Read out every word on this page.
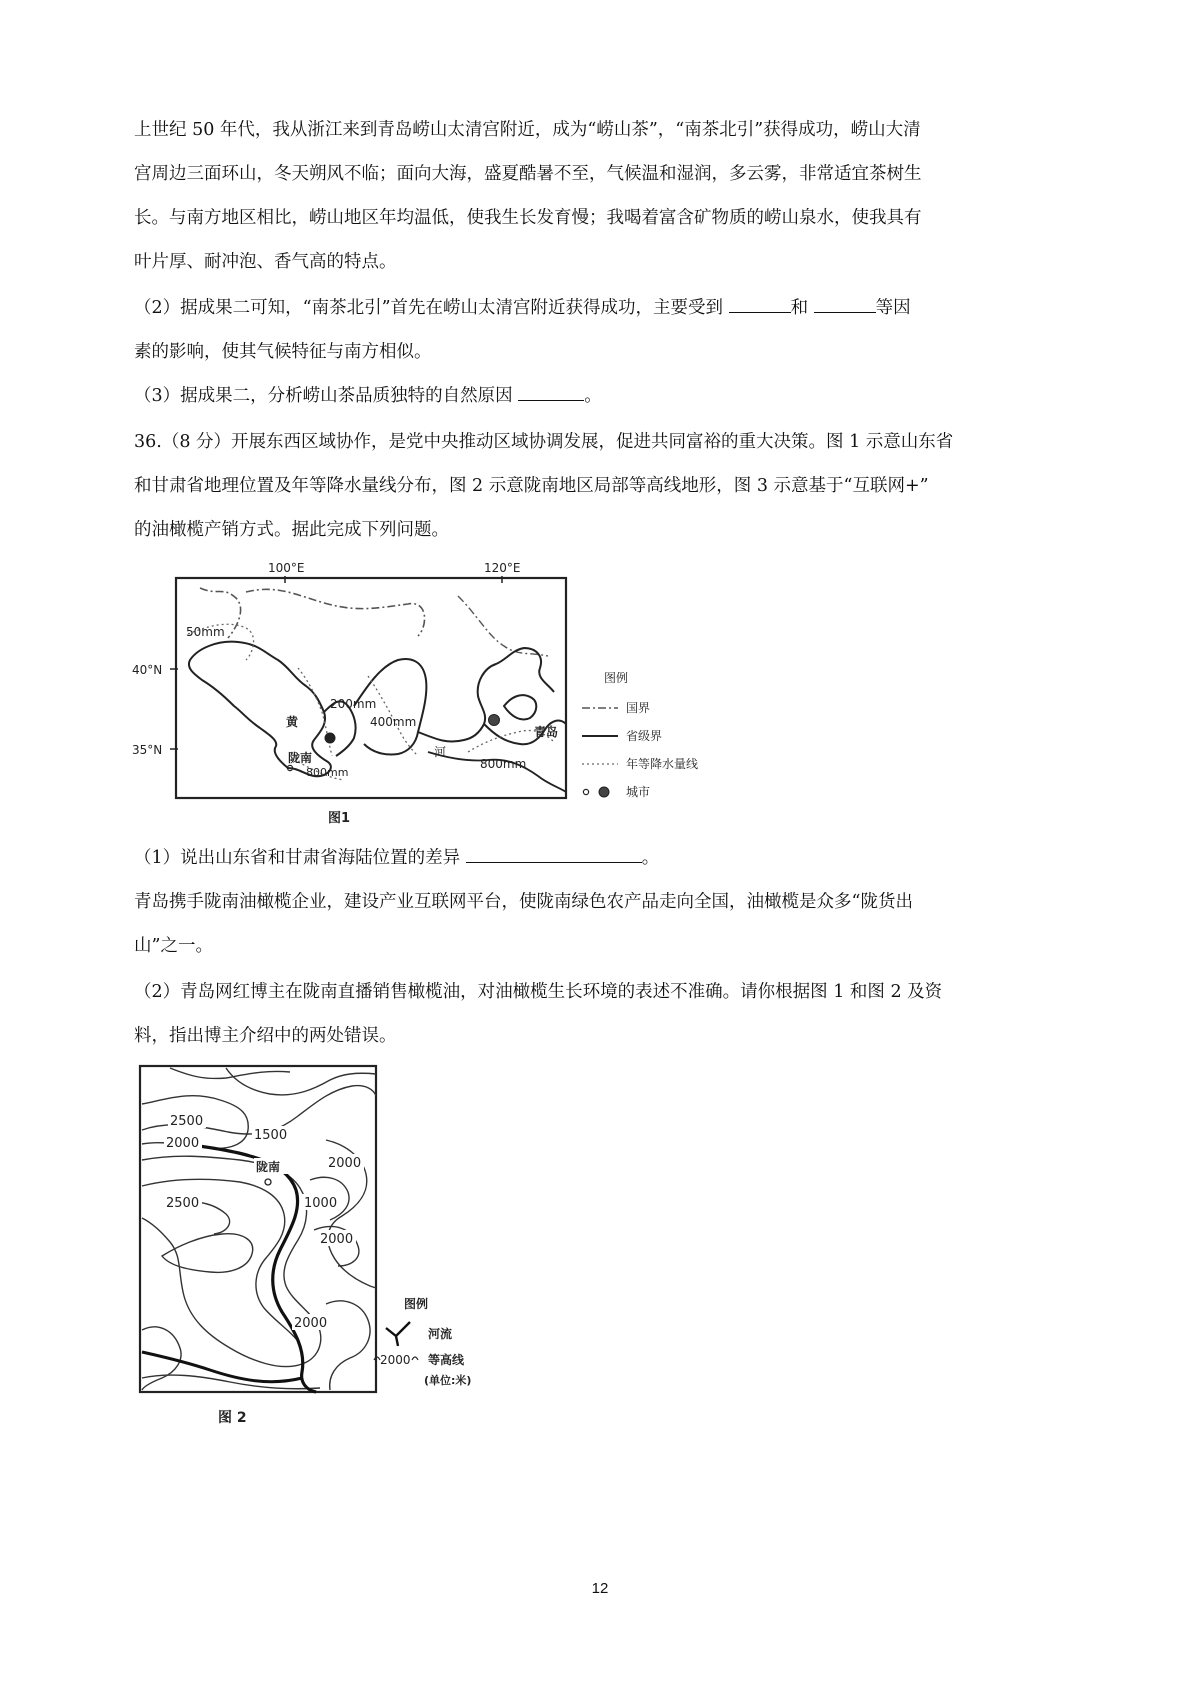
上世纪 50 年代，我从浙江来到青岛崂山太清宫附近，成为“崂山茶”，“南茶北引”获得成功，崂山大清
宫周边三面环山，冬天朔风不临；面向大海，盛夏酷暑不至，气候温和湿润，多云雾，非常适宜茶树生
长。与南方地区相比，崂山地区年均温低，使我生长发育慢；我喝着富含矿物质的崂山泉水，使我具有
叶片厚、耐冲泡、香气高的特点。
（2）据成果二可知，“南茶北引”首先在崂山太清宫附近获得成功，主要受到	和	等因
素的影响，使其气候特征与南方相似。
（3）据成果二，分析崂山茶品质独特的自然原因	。
36.（8 分）开展东西区域协作，是党中央推动区域协调发展，促进共同富裕的重大决策。图 1 示意山东省
和甘肃省地理位置及年等降水量线分布，图 2 示意陇南地区局部等高线地形，图 3 示意基于“互联网+”
的油橄榄产销方式。据此完成下列问题。
100°E	120°E
40°N
35°N
50mm
200mm
400mm
800mm
800mm
黄
陇南	河
青岛
图例
国界
省级界
年等降水量线
城市
图1
（1）说出山东省和甘肃省海陆位置的差异	。
青岛携手陇南油橄榄企业，建设产业互联网平台，使陇南绿色农产品走向全国，油橄榄是众多“陇货出
山”之一。
（2）青岛网红博主在陇南直播销售橄榄油，对油橄榄生长环境的表述不准确。请你根据图 1 和图 2 及资
料，指出博主介绍中的两处错误。
2500
2000
1500
2000
2500	1000
2000
2000
陇南
图例
河流
2000 等高线
(单位:米)
图 2
12
